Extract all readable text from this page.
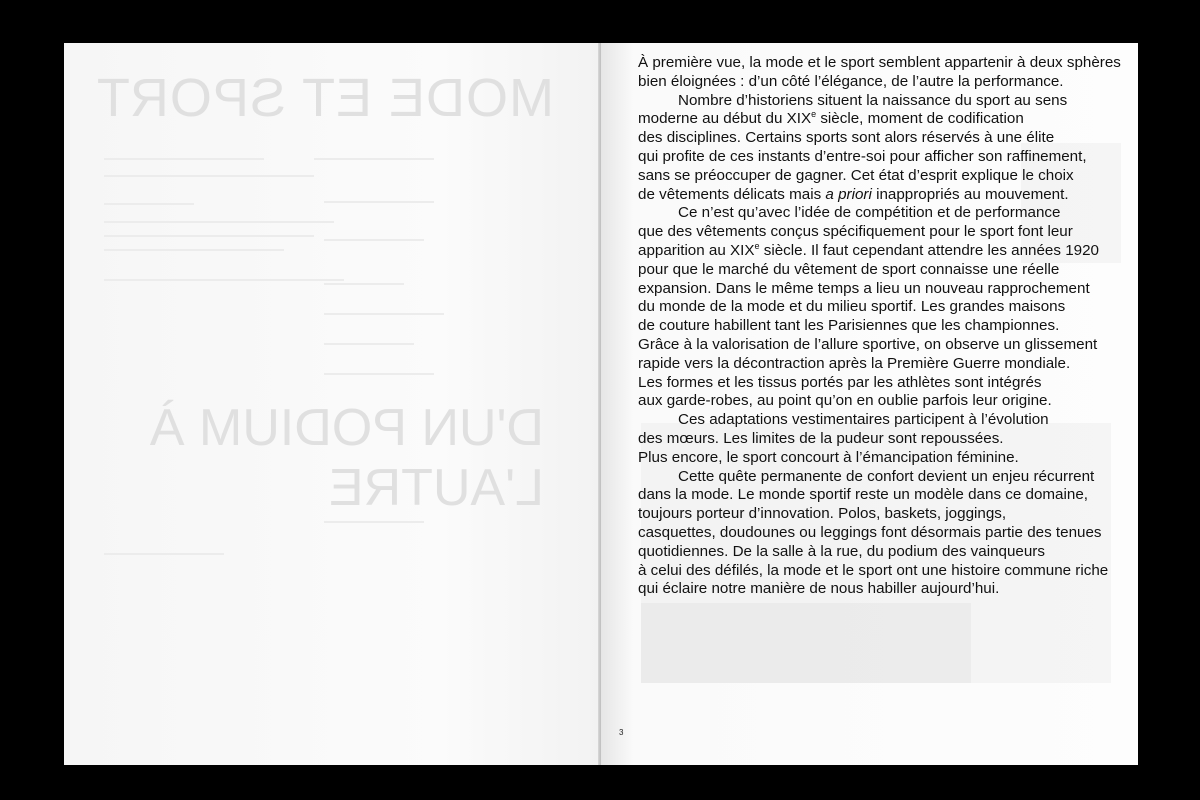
MODE ET SPORT
D'UN PODIUM À L'AUTRE
À première vue, la mode et le sport semblent appartenir à deux sphères
bien éloignées : d’un côté l’élégance, de l’autre la performance.
Nombre d’historiens situent la naissance du sport au sens
moderne au début du XIXe siècle, moment de codification
des disciplines. Certains sports sont alors réservés à une élite
qui profite de ces instants d’entre-soi pour afficher son raffinement,
sans se préoccuper de gagner. Cet état d’esprit explique le choix
de vêtements délicats mais a priori inappropriés au mouvement.
Ce n’est qu’avec l’idée de compétition et de performance
que des vêtements conçus spécifiquement pour le sport font leur
apparition au XIXe siècle. Il faut cependant attendre les années 1920
pour que le marché du vêtement de sport connaisse une réelle
expansion. Dans le même temps a lieu un nouveau rapprochement
du monde de la mode et du milieu sportif. Les grandes maisons
de couture habillent tant les Parisiennes que les championnes.
Grâce à la valorisation de l’allure sportive, on observe un glissement
rapide vers la décontraction après la Première Guerre mondiale.
Les formes et les tissus portés par les athlètes sont intégrés
aux garde-robes, au point qu’on en oublie parfois leur origine.
Ces adaptations vestimentaires participent à l’évolution
des mœurs. Les limites de la pudeur sont repoussées.
Plus encore, le sport concourt à l’émancipation féminine.
Cette quête permanente de confort devient un enjeu récurrent
dans la mode. Le monde sportif reste un modèle dans ce domaine,
toujours porteur d’innovation. Polos, baskets, joggings,
casquettes, doudounes ou leggings font désormais partie des tenues
quotidiennes. De la salle à la rue, du podium des vainqueurs
à celui des défilés, la mode et le sport ont une histoire commune riche
qui éclaire notre manière de nous habiller aujourd’hui.
3
